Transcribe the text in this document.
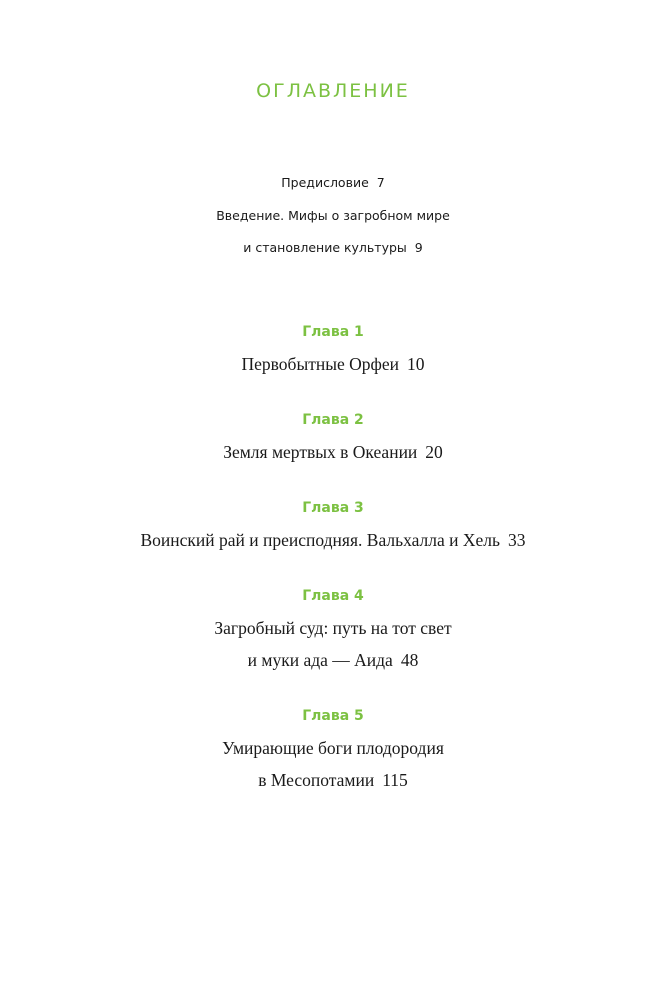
ОГЛАВЛЕНИЕ
Предисловие 7
Введение. Мифы о загробном мире
и становление культуры 9
Глава 1
Первобытные Орфеи 10
Глава 2
Земля мертвых в Океании 20
Глава 3
Воинский рай и преисподняя. Вальхалла и Хель 33
Глава 4
Загробный суд: путь на тот свет
и муки ада — Аида 48
Глава 5
Умирающие боги плодородия
в Месопотамии 115
